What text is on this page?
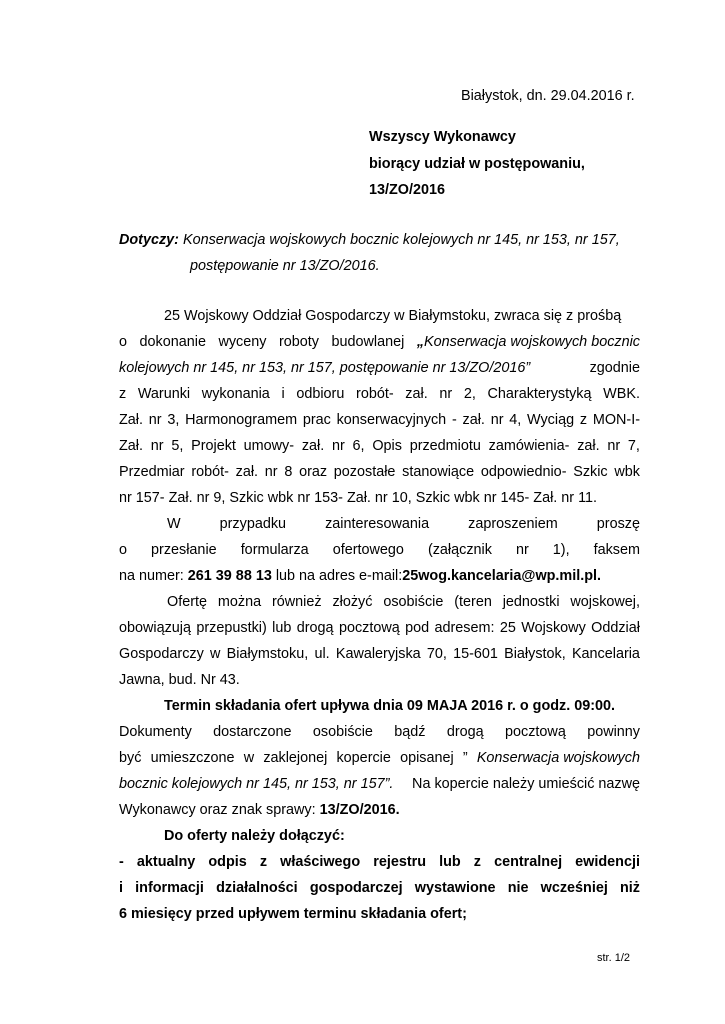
Białystok, dn. 29.04.2016 r.
Wszyscy Wykonawcy
biorący udział w postępowaniu,
13/ZO/2016
Dotyczy: Konserwacja wojskowych bocznic kolejowych nr 145, nr 153, nr 157,
postępowanie nr 13/ZO/2016.
25 Wojskowy Oddział Gospodarczy w Białymstoku, zwraca się z prośbą
o dokonanie wyceny roboty budowlanej „Konserwacja wojskowych bocznic
kolejowych nr 145, nr 153, nr 157, postępowanie nr 13/ZO/2016”	zgodnie
z Warunki wykonania i odbioru robót- zał. nr 2, Charakterystyką WBK.
Zał. nr 3, Harmonogramem prac konserwacyjnych - zał. nr 4, Wyciąg z MON-I-
Zał. nr 5, Projekt umowy- zał. nr 6, Opis przedmiotu zamówienia- zał. nr 7,
Przedmiar robót- zał. nr 8 oraz pozostałe stanowiące odpowiednio- Szkic wbk
nr 157- Zał. nr 9, Szkic wbk nr 153- Zał. nr 10, Szkic wbk nr 145- Zał. nr 11.
W	przypadku	zainteresowania	zaproszeniem	proszę
o przesłanie formularza ofertowego (załącznik nr 1), faksem
na numer: 261 39 88 13 lub na adres e-mail:25wog.kancelaria@wp.mil.pl.
Ofertę można również złożyć osobiście (teren jednostki wojskowej,
obowiązują przepustki) lub drogą pocztową pod adresem: 25 Wojskowy Oddział
Gospodarczy w Białymstoku, ul. Kawaleryjska 70, 15-601 Białystok, Kancelaria
Jawna, bud. Nr 43.
Termin składania ofert upływa dnia 09 MAJA 2016 r. o godz. 09:00.
Dokumenty dostarczone osobiście bądź drogą pocztową powinny
być umieszczone w zaklejonej kopercie opisanej ” Konserwacja wojskowych
bocznic kolejowych nr 145, nr 153, nr 157”. Na kopercie należy umieścić nazwę
Wykonawcy oraz znak sprawy: 13/ZO/2016.
Do oferty należy dołączyć:
- aktualny odpis z właściwego rejestru lub z centralnej ewidencji
i informacji działalności gospodarczej wystawione nie wcześniej niż
6 miesięcy przed upływem terminu składania ofert;
str. 1/2
